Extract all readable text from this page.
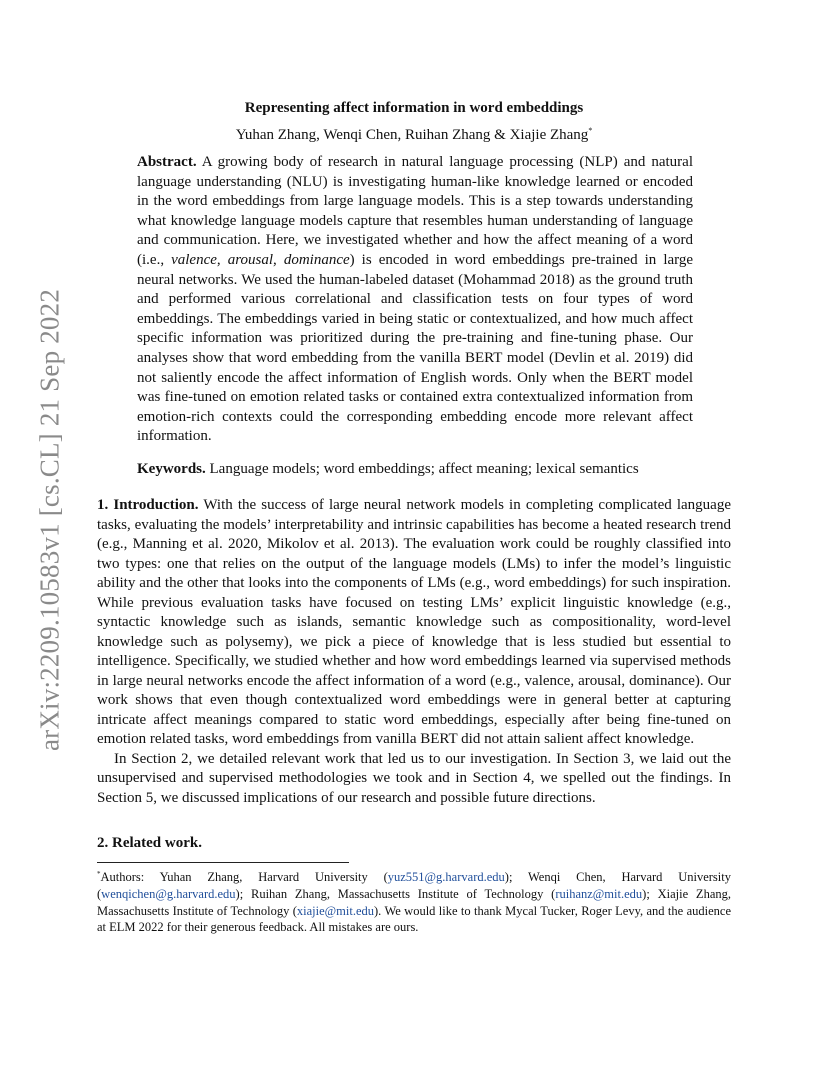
arXiv:2209.10583v1 [cs.CL] 21 Sep 2022
Representing affect information in word embeddings
Yuhan Zhang, Wenqi Chen, Ruihan Zhang & Xiajie Zhang*
Abstract. A growing body of research in natural language processing (NLP) and natural language understanding (NLU) is investigating human-like knowledge learned or encoded in the word embeddings from large language models. This is a step towards understanding what knowledge language models capture that resembles human understanding of language and communication. Here, we investigated whether and how the affect meaning of a word (i.e., valence, arousal, dominance) is encoded in word embeddings pre-trained in large neural networks. We used the human-labeled dataset (Mohammad 2018) as the ground truth and performed various correlational and classification tests on four types of word embeddings. The embeddings varied in being static or contextualized, and how much affect specific information was prioritized during the pre-training and fine-tuning phase. Our analyses show that word embedding from the vanilla BERT model (Devlin et al. 2019) did not saliently encode the affect information of English words. Only when the BERT model was fine-tuned on emotion related tasks or contained extra contextualized information from emotion-rich contexts could the corresponding embedding encode more relevant affect information.
Keywords. Language models; word embeddings; affect meaning; lexical semantics

1. Introduction. With the success of large neural network models in completing complicated language tasks, evaluating the models’ interpretability and intrinsic capabilities has become a heated research trend (e.g., Manning et al. 2020, Mikolov et al. 2013). The evaluation work could be roughly classified into two types: one that relies on the output of the language models (LMs) to infer the model’s linguistic ability and the other that looks into the components of LMs (e.g., word embeddings) for such inspiration. While previous evaluation tasks have focused on testing LMs’ explicit linguistic knowledge (e.g., syntactic knowledge such as islands, semantic knowledge such as compositionality, word-level knowledge such as polysemy), we pick a piece of knowledge that is less studied but essential to intelligence. Specifically, we studied whether and how word embeddings learned via supervised methods in large neural networks encode the affect information of a word (e.g., valence, arousal, dominance). Our work shows that even though contextualized word embeddings were in general better at capturing intricate affect meanings compared to static word embeddings, especially after being fine-tuned on emotion related tasks, word embeddings from vanilla BERT did not attain salient affect knowledge.

In Section 2, we detailed relevant work that led us to our investigation. In Section 3, we laid out the unsupervised and supervised methodologies we took and in Section 4, we spelled out the findings. In Section 5, we discussed implications of our research and possible future directions.

2. Related work.
*Authors: Yuhan Zhang, Harvard University (yuz551@g.harvard.edu); Wenqi Chen, Harvard University (wenqichen@g.harvard.edu); Ruihan Zhang, Massachusetts Institute of Technology (ruihanz@mit.edu); Xiajie Zhang, Massachusetts Institute of Technology (xiajie@mit.edu). We would like to thank Mycal Tucker, Roger Levy, and the audience at ELM 2022 for their generous feedback. All mistakes are ours.
